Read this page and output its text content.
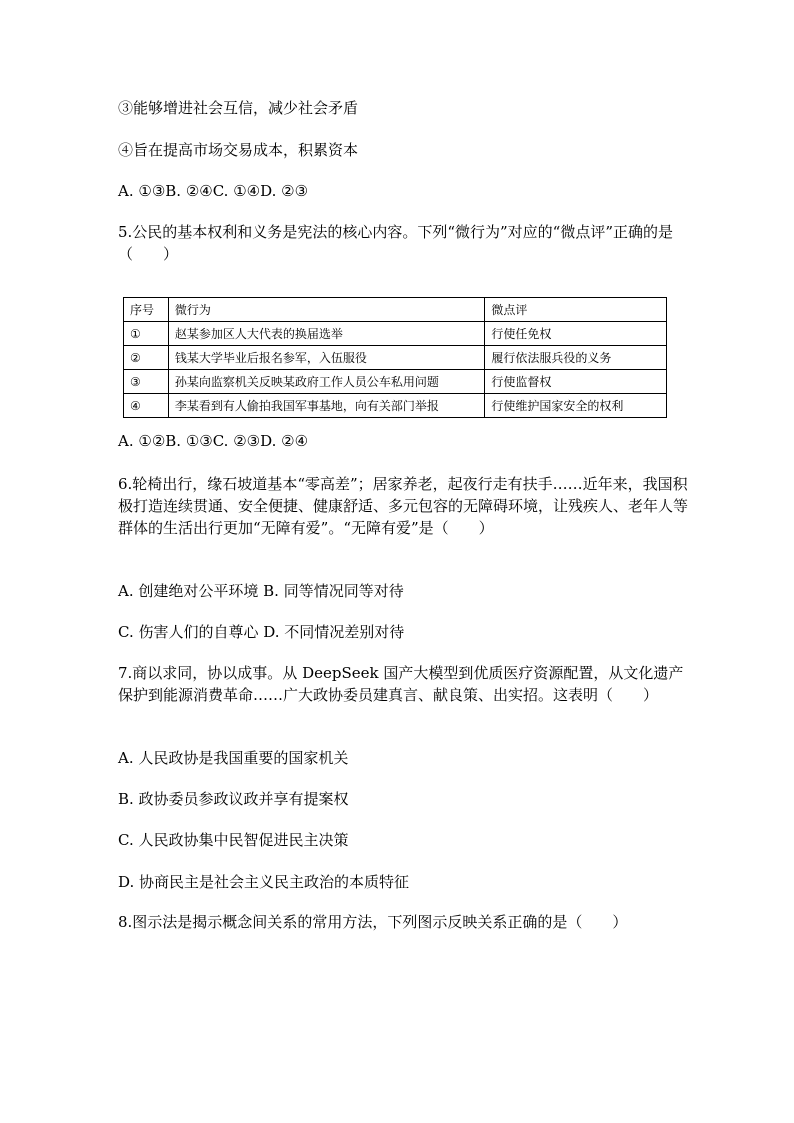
③能够增进社会互信，减少社会矛盾

④旨在提高市场交易成本，积累资本

A. ①③B. ②④C. ①④D. ②③

5.公民的基本权利和义务是宪法的核心内容。下列“微行为”对应的“微点评”正确的是（　　）

序号	微行为	微点评
①	赵某参加区人大代表的换届选举	行使任免权
②	钱某大学毕业后报名参军，入伍服役	履行依法服兵役的义务
③	孙某向监察机关反映某政府工作人员公车私用问题	行使监督权
④	李某看到有人偷拍我国军事基地，向有关部门举报	行使维护国家安全的权利

A. ①②B. ①③C. ②③D. ②④

6.轮椅出行，缘石坡道基本“零高差”；居家养老，起夜行走有扶手……近年来，我国积极打造连续贯通、安全便捷、健康舒适、多元包容的无障碍环境，让残疾人、老年人等群体的生活出行更加“无障有爱”。“无障有爱”是（　　）

A. 创建绝对公平环境 B. 同等情况同等对待

C. 伤害人们的自尊心 D. 不同情况差别对待

7.商以求同，协以成事。从 DeepSeek 国产大模型到优质医疗资源配置，从文化遗产保护到能源消费革命……广大政协委员建真言、献良策、出实招。这表明（　　）

A. 人民政协是我国重要的国家机关

B. 政协委员参政议政并享有提案权

C. 人民政协集中民智促进民主决策

D. 协商民主是社会主义民主政治的本质特征

8.图示法是揭示概念间关系的常用方法，下列图示反映关系正确的是（　　）
